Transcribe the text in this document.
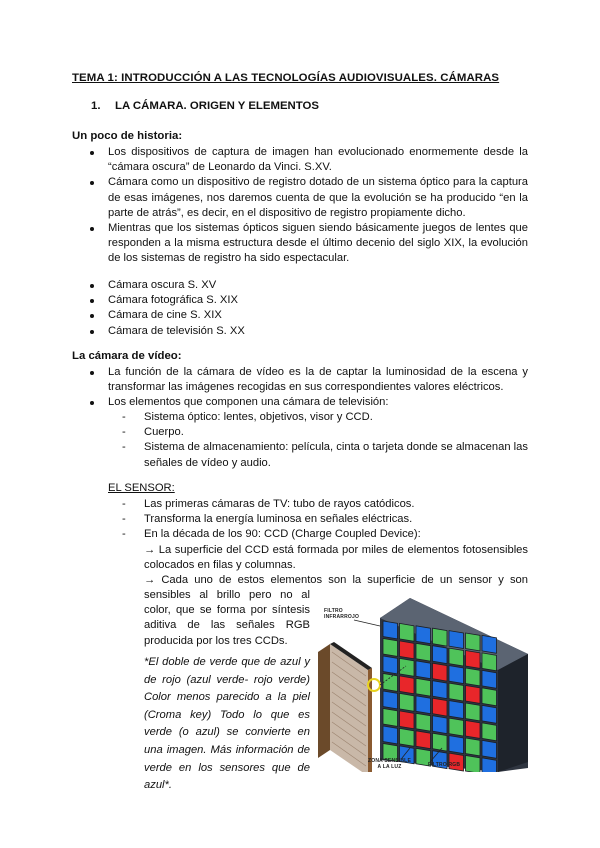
TEMA 1: INTRODUCCIÓN A LAS TECNOLOGÍAS AUDIOVISUALES. CÁMARAS
1. LA CÁMARA. ORIGEN Y ELEMENTOS
Un poco de historia:
Los dispositivos de captura de imagen han evolucionado enormemente desde la “cámara oscura” de Leonardo da Vinci. S.XV.
Cámara como un dispositivo de registro dotado de un sistema óptico para la captura de esas imágenes, nos daremos cuenta de que la evolución se ha producido “en la parte de atrás”, es decir, en el dispositivo de registro propiamente dicho.
Mientras que los sistemas ópticos siguen siendo básicamente juegos de lentes que responden a la misma estructura desde el último decenio del siglo XIX, la evolución de los sistemas de registro ha sido espectacular.
Cámara oscura S. XV
Cámara fotográfica S. XIX
Cámara de cine S. XIX
Cámara de televisión S. XX
La cámara de vídeo:
La función de la cámara de vídeo es la de captar la luminosidad de la escena y transformar las imágenes recogidas en sus correspondientes valores eléctricos.
Los elementos que componen una cámara de televisión:
- Sistema óptico: lentes, objetivos, visor y CCD.
- Cuerpo.
- Sistema de almacenamiento: película, cinta o tarjeta donde se almacenan las señales de vídeo y audio.
EL SENSOR:
- Las primeras cámaras de TV: tubo de rayos catódicos.
- Transforma la energía luminosa en señales eléctricas.
- En la década de los 90: CCD (Charge Coupled Device):
→ La superficie del CCD está formada por miles de elementos fotosensibles colocados en filas y columnas.
→ Cada uno de estos elementos son la superficie de un sensor y son
sensibles al brillo pero no al color, que se forma por síntesis aditiva de las señales RGB producida por los tres CCDs.
*El doble de verde que de azul y de rojo (azul verde- rojo verde) Color menos parecido a la piel (Croma key) Todo lo que es verde (o azul) se convierte en una imagen. Más información de verde en los sensores que de azul*.
FILTRO
INFRARROJO
ZONA SENSIBLE
A LA LUZ	FILTRO RGB
